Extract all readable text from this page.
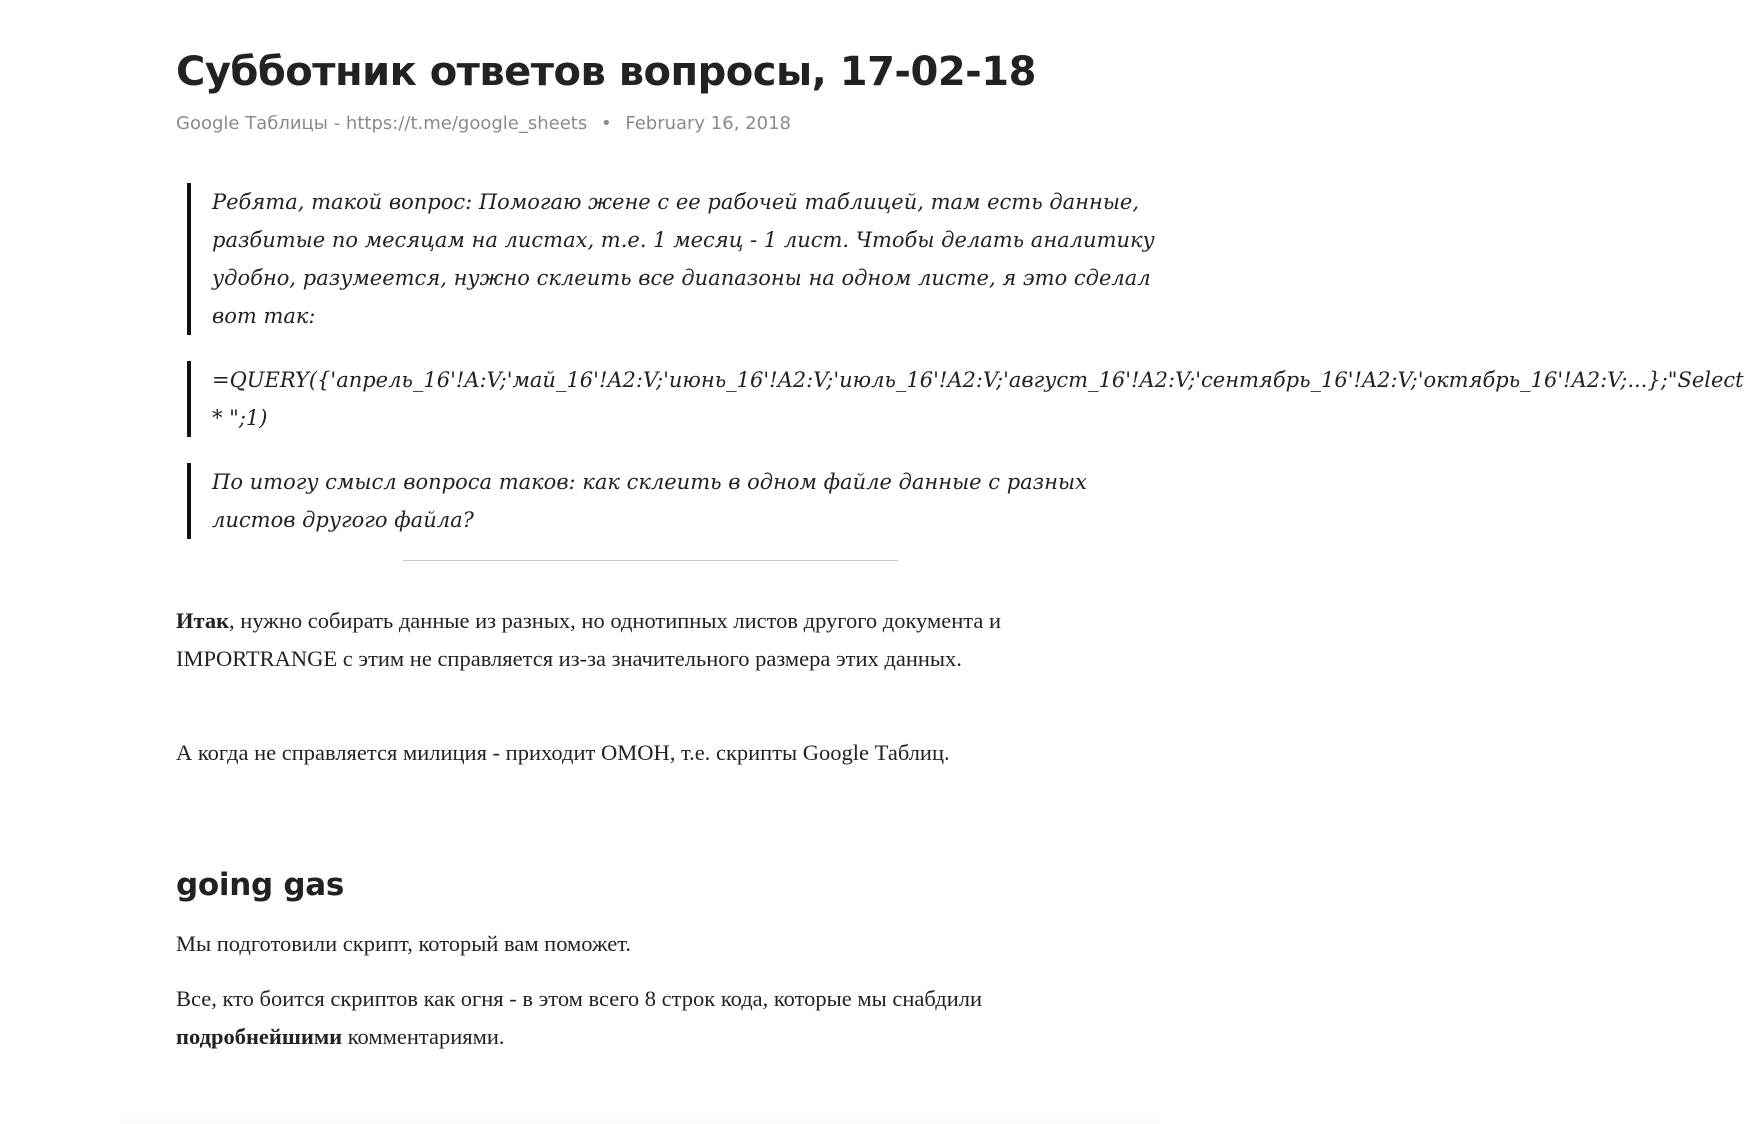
Субботник ответов вопросы, 17-02-18
Google Таблицы - https://t.me/google_sheets • February 16, 2018

Ребята, такой вопрос: Помогаю жене с ее рабочей таблицей, там есть данные, разбитые по месяцам на листах, т.е. 1 месяц - 1 лист. Чтобы делать аналитику удобно, разумеется, нужно склеить все диапазоны на одном листе, я это сделал вот так:

=QUERY({'апрель_16'!A:V;'май_16'!A2:V;'июнь_16'!A2:V;'июль_16'!A2:V;'август_16'!A2:V;'сентябрь_16'!A2:V;'октябрь_16'!A2:V;...};"Select * ";1)

По итогу смысл вопроса таков: как склеить в одном файле данные с разных листов другого файла?

Итак, нужно собирать данные из разных, но однотипных листов другого документа и IMPORTRANGE с этим не справляется из-за значительного размера этих данных.

А когда не справляется милиция - приходит ОМОН, т.е. скрипты Google Таблиц.

going gas

Мы подготовили скрипт, который вам поможет.

Все, кто боится скриптов как огня - в этом всего 8 строк кода, которые мы снабдили подробнейшими комментариями.
